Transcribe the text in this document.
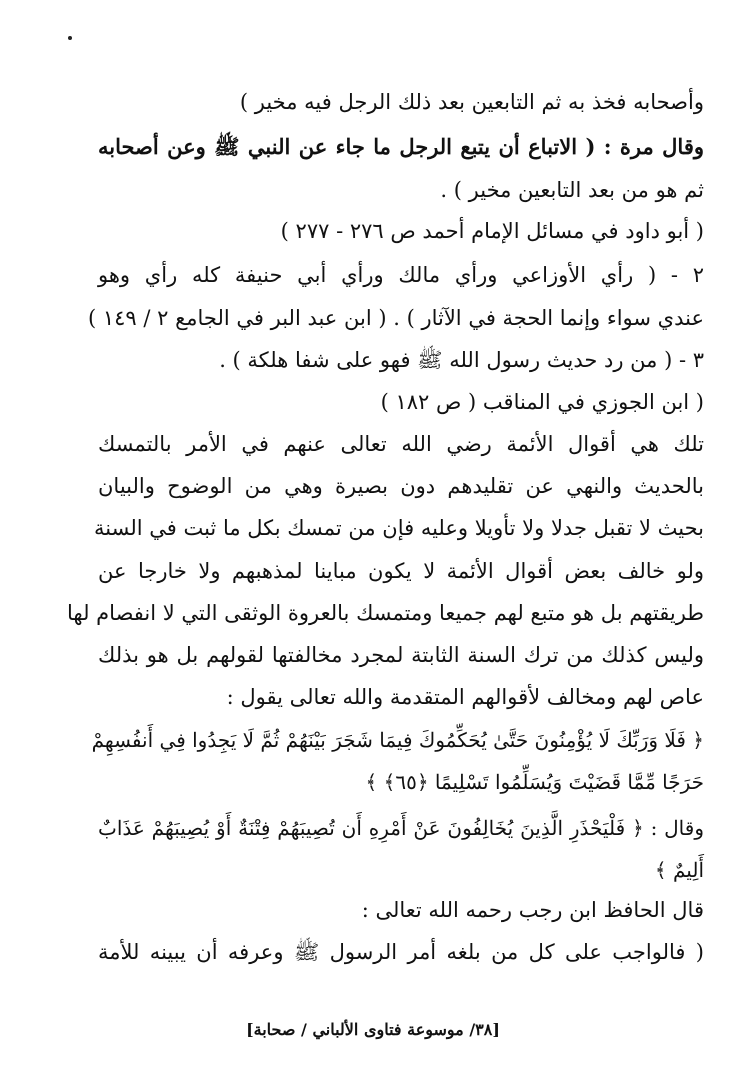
وأصحابه فخذ به ثم التابعين بعد ذلك الرجل فيه مخير )
وقال مرة : ( الاتباع أن يتبع الرجل ما جاء عن النبي ﷺ وعن أصحابه
ثم هو من بعد التابعين مخير ) .
( أبو داود في مسائل الإمام أحمد ص ٢٧٦ - ٢٧٧ )
٢ - ( رأي الأوزاعي ورأي مالك ورأي أبي حنيفة كله رأي وهو
عندي سواء وإنما الحجة في الآثار ) . ( ابن عبد البر في الجامع ٢ / ١٤٩ )
٣ - ( من رد حديث رسول الله ﷺ فهو على شفا هلكة ) .
( ابن الجوزي في المناقب ( ص ١٨٢ )
تلك هي أقوال الأئمة رضي الله تعالى عنهم في الأمر بالتمسك
بالحديث والنهي عن تقليدهم دون بصيرة وهي من الوضوح والبيان
بحيث لا تقبل جدلا ولا تأويلا وعليه فإن من تمسك بكل ما ثبت في السنة
ولو خالف بعض أقوال الأئمة لا يكون مباينا لمذهبهم ولا خارجا عن
طريقتهم بل هو متبع لهم جميعا ومتمسك بالعروة الوثقى التي لا انفصام لها
وليس كذلك من ترك السنة الثابتة لمجرد مخالفتها لقولهم بل هو بذلك
عاص لهم ومخالف لأقوالهم المتقدمة والله تعالى يقول :
﴿ فَلَا وَرَبِّكَ لَا يُؤْمِنُونَ حَتَّىٰ يُحَكِّمُوكَ فِيمَا شَجَرَ بَيْنَهُمْ ثُمَّ لَا يَجِدُوا فِي أَنفُسِهِمْ
حَرَجًا مِّمَّا قَضَيْتَ وَيُسَلِّمُوا تَسْلِيمًا ﴿٦٥﴾ ﴾
وقال : ﴿ فَلْيَحْذَرِ الَّذِينَ يُخَالِفُونَ عَنْ أَمْرِهِ أَن تُصِيبَهُمْ فِتْنَةٌ أَوْ يُصِيبَهُمْ عَذَابٌ
أَلِيمٌ ﴾
قال الحافظ ابن رجب رحمه الله تعالى :
( فالواجب على كل من بلغه أمر الرسول ﷺ وعرفه أن يبينه للأمة
[٣٨/ موسوعة فتاوى الألباني / صحابة]
